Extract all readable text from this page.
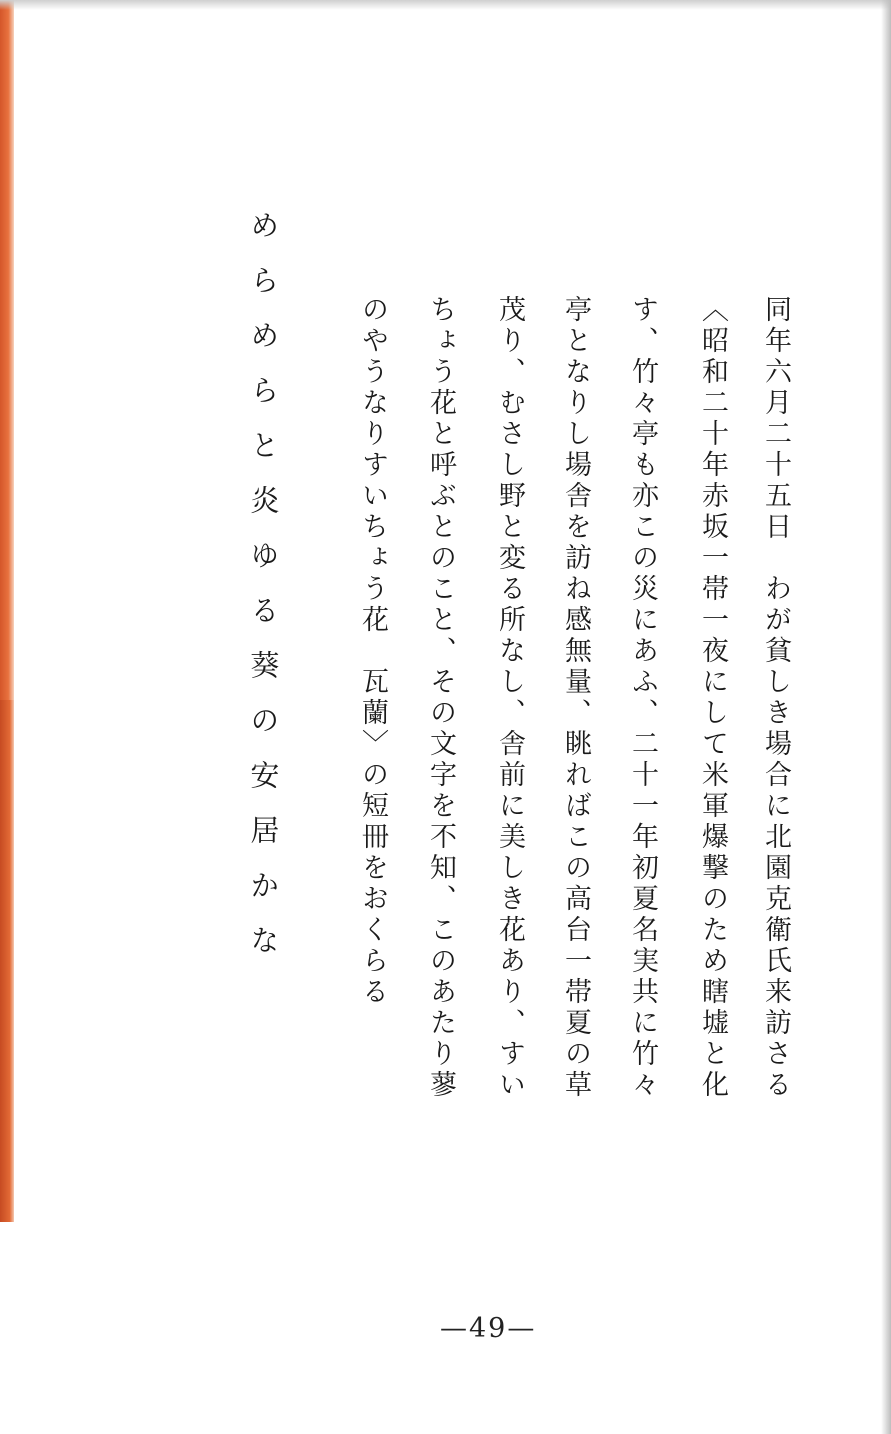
同年六月二十五日　わが貧しき場合に北園克衛氏来訪さる
〈昭和二十年赤坂一帯一夜にして米軍爆撃のため瞎墟と化
す、竹々亭も亦この災にあふ、二十一年初夏名実共に竹々
亭となりし場舎を訪ね感無量、眺ればこの高台一帯夏の草
茂り、むさし野と変る所なし、舎前に美しき花あり、すい
ちょう花と呼ぶとのこと、その文字を不知、このあたり蓼
のやうなりすいちょう花　瓦蘭〉の短冊をおくらる
めらめらと炎ゆる葵の安居かな
—49—
